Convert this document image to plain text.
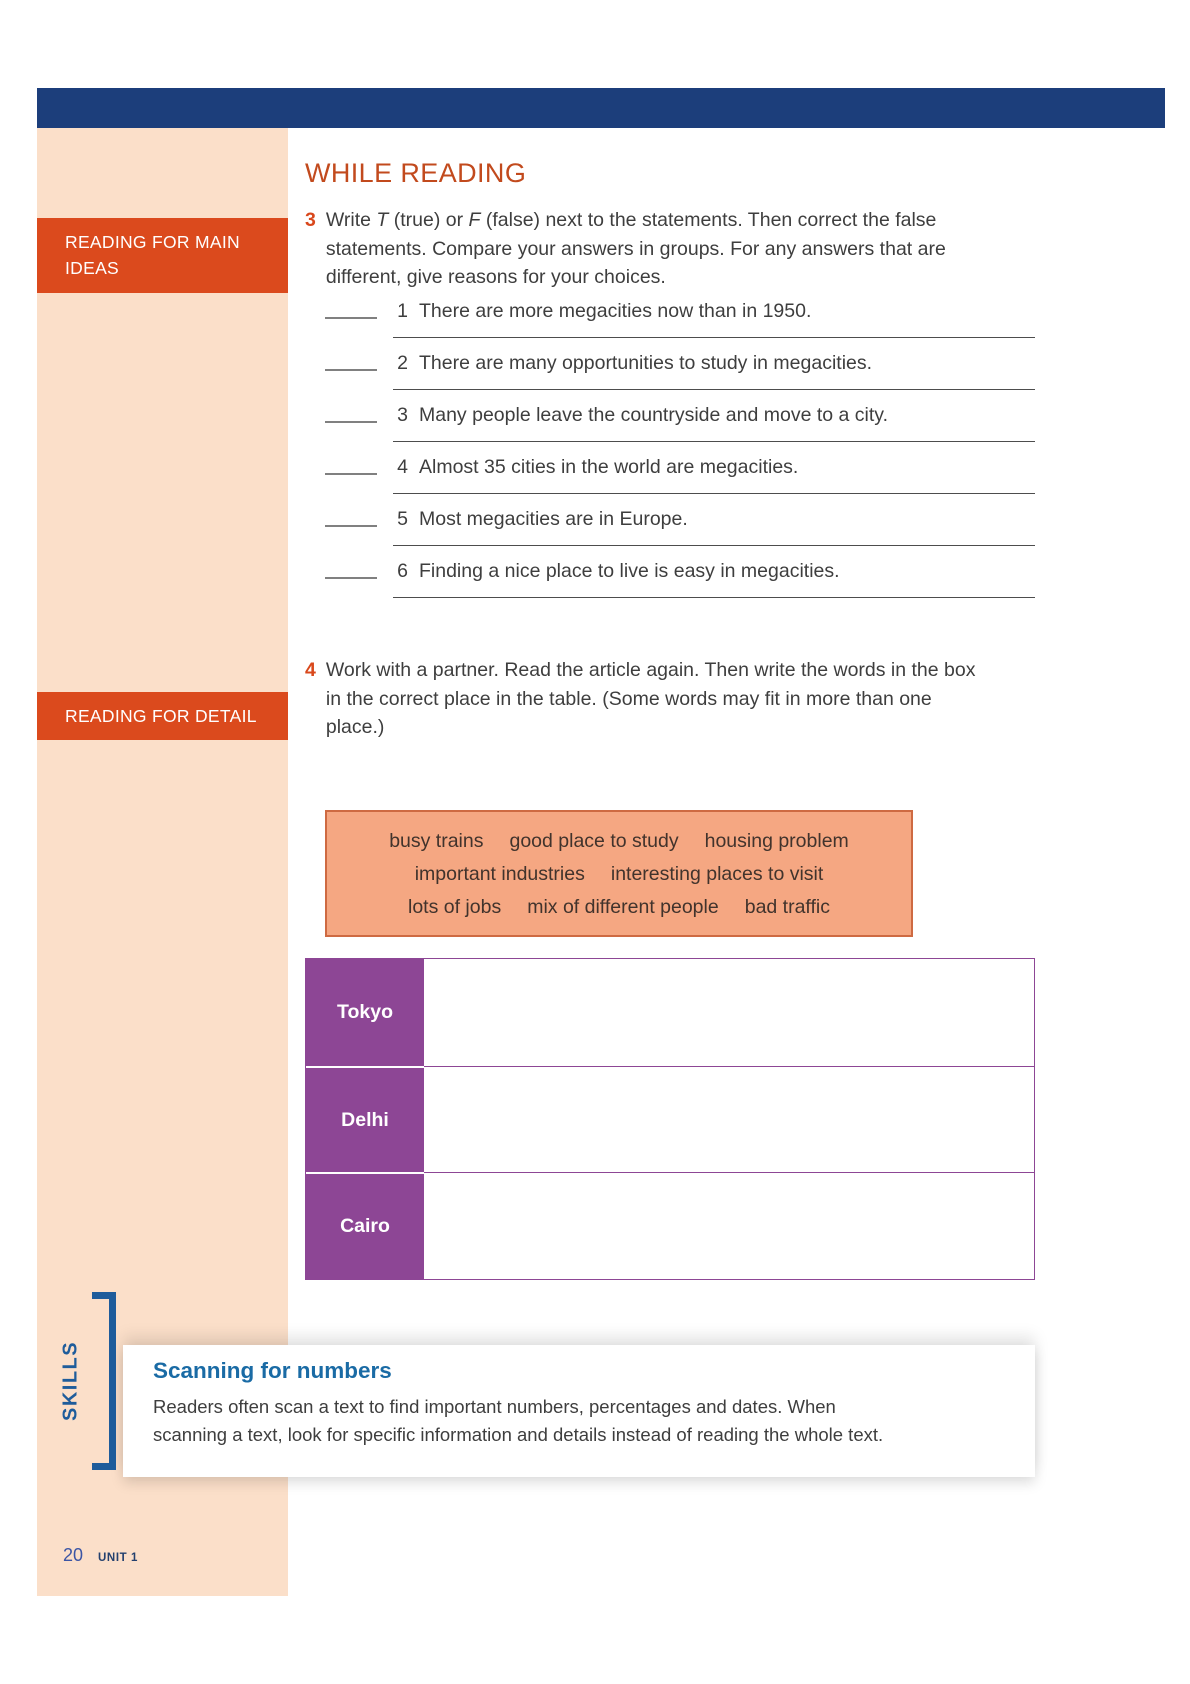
READING FOR MAIN IDEAS
READING FOR DETAIL
WHILE READING
3 Write T (true) or F (false) next to the statements. Then correct the false statements. Compare your answers in groups. For any answers that are different, give reasons for your choices.
1 There are more megacities now than in 1950.
2 There are many opportunities to study in megacities.
3 Many people leave the countryside and move to a city.
4 Almost 35 cities in the world are megacities.
5 Most megacities are in Europe.
6 Finding a nice place to live is easy in megacities.
4 Work with a partner. Read the article again. Then write the words in the box in the correct place in the table. (Some words may fit in more than one place.)
busy trains good place to study housing problem
important industries interesting places to visit
lots of jobs mix of different people bad traffic
Tokyo
Delhi
Cairo
Scanning for numbers
Readers often scan a text to find important numbers, percentages and dates. When
scanning a text, look for specific information and details instead of reading the whole text.
SKILLS
20 UNIT 1
